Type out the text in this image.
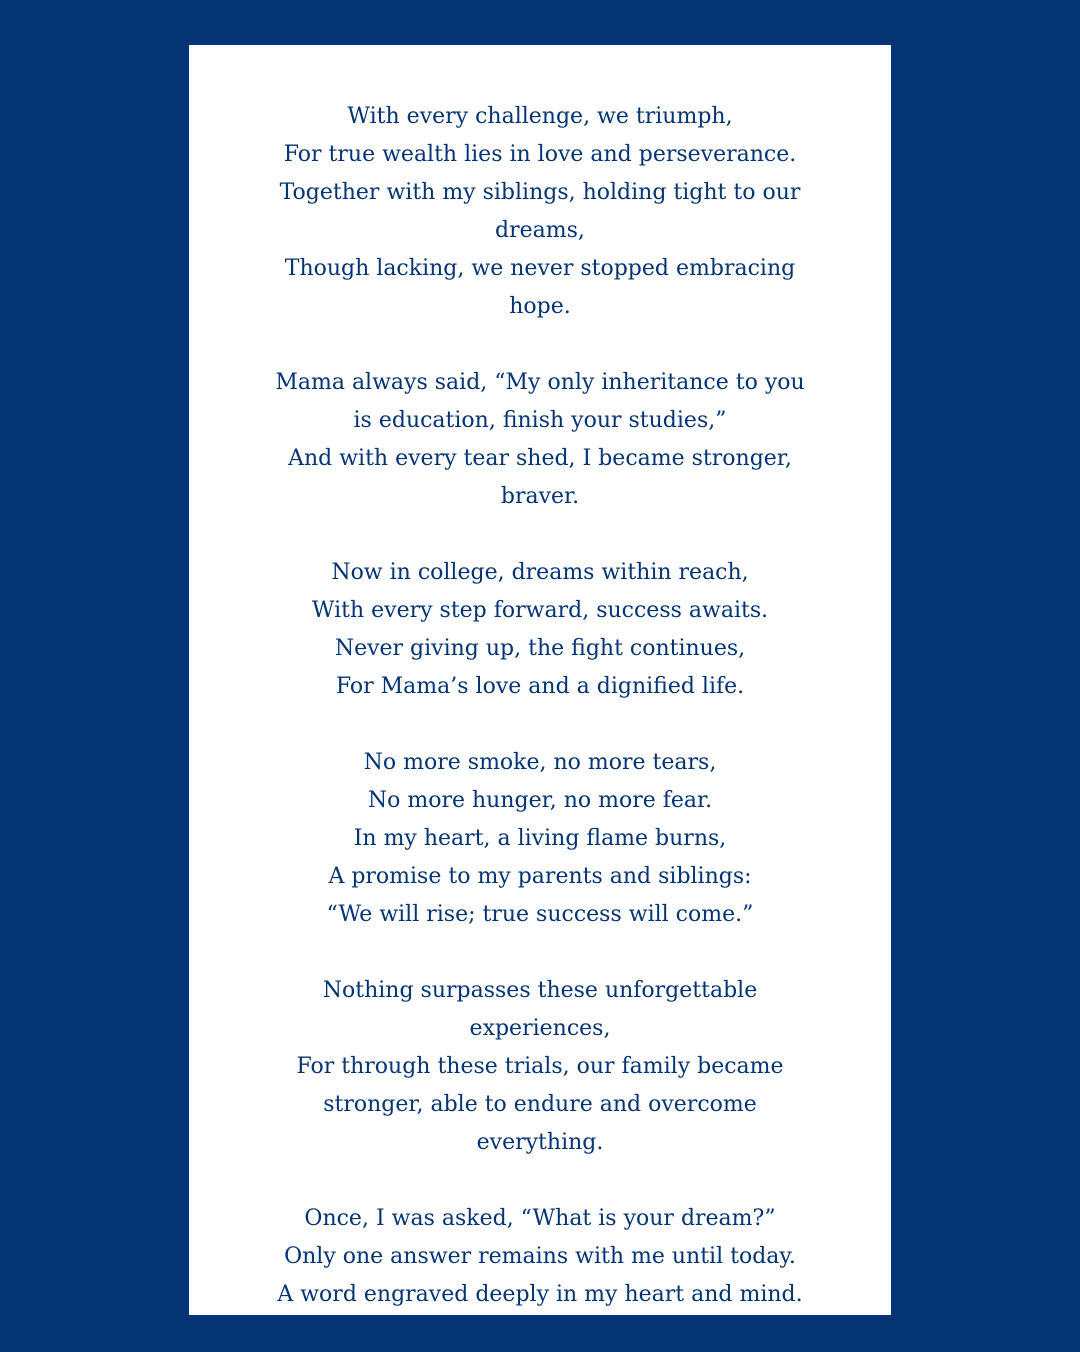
With every challenge, we triumph,
For true wealth lies in love and perseverance.
Together with my siblings, holding tight to our
dreams,
Though lacking, we never stopped embracing
hope.
Mama always said, “My only inheritance to you
is education, finish your studies,”
And with every tear shed, I became stronger,
braver.
Now in college, dreams within reach,
With every step forward, success awaits.
Never giving up, the fight continues,
For Mama’s love and a dignified life.
No more smoke, no more tears,
No more hunger, no more fear.
In my heart, a living flame burns,
A promise to my parents and siblings:
“We will rise; true success will come.”
Nothing surpasses these unforgettable
experiences,
For through these trials, our family became
stronger, able to endure and overcome
everything.
Once, I was asked, “What is your dream?”
Only one answer remains with me until today.
A word engraved deeply in my heart and mind.
Simply, “TO FINISH MY STUDIES.”
